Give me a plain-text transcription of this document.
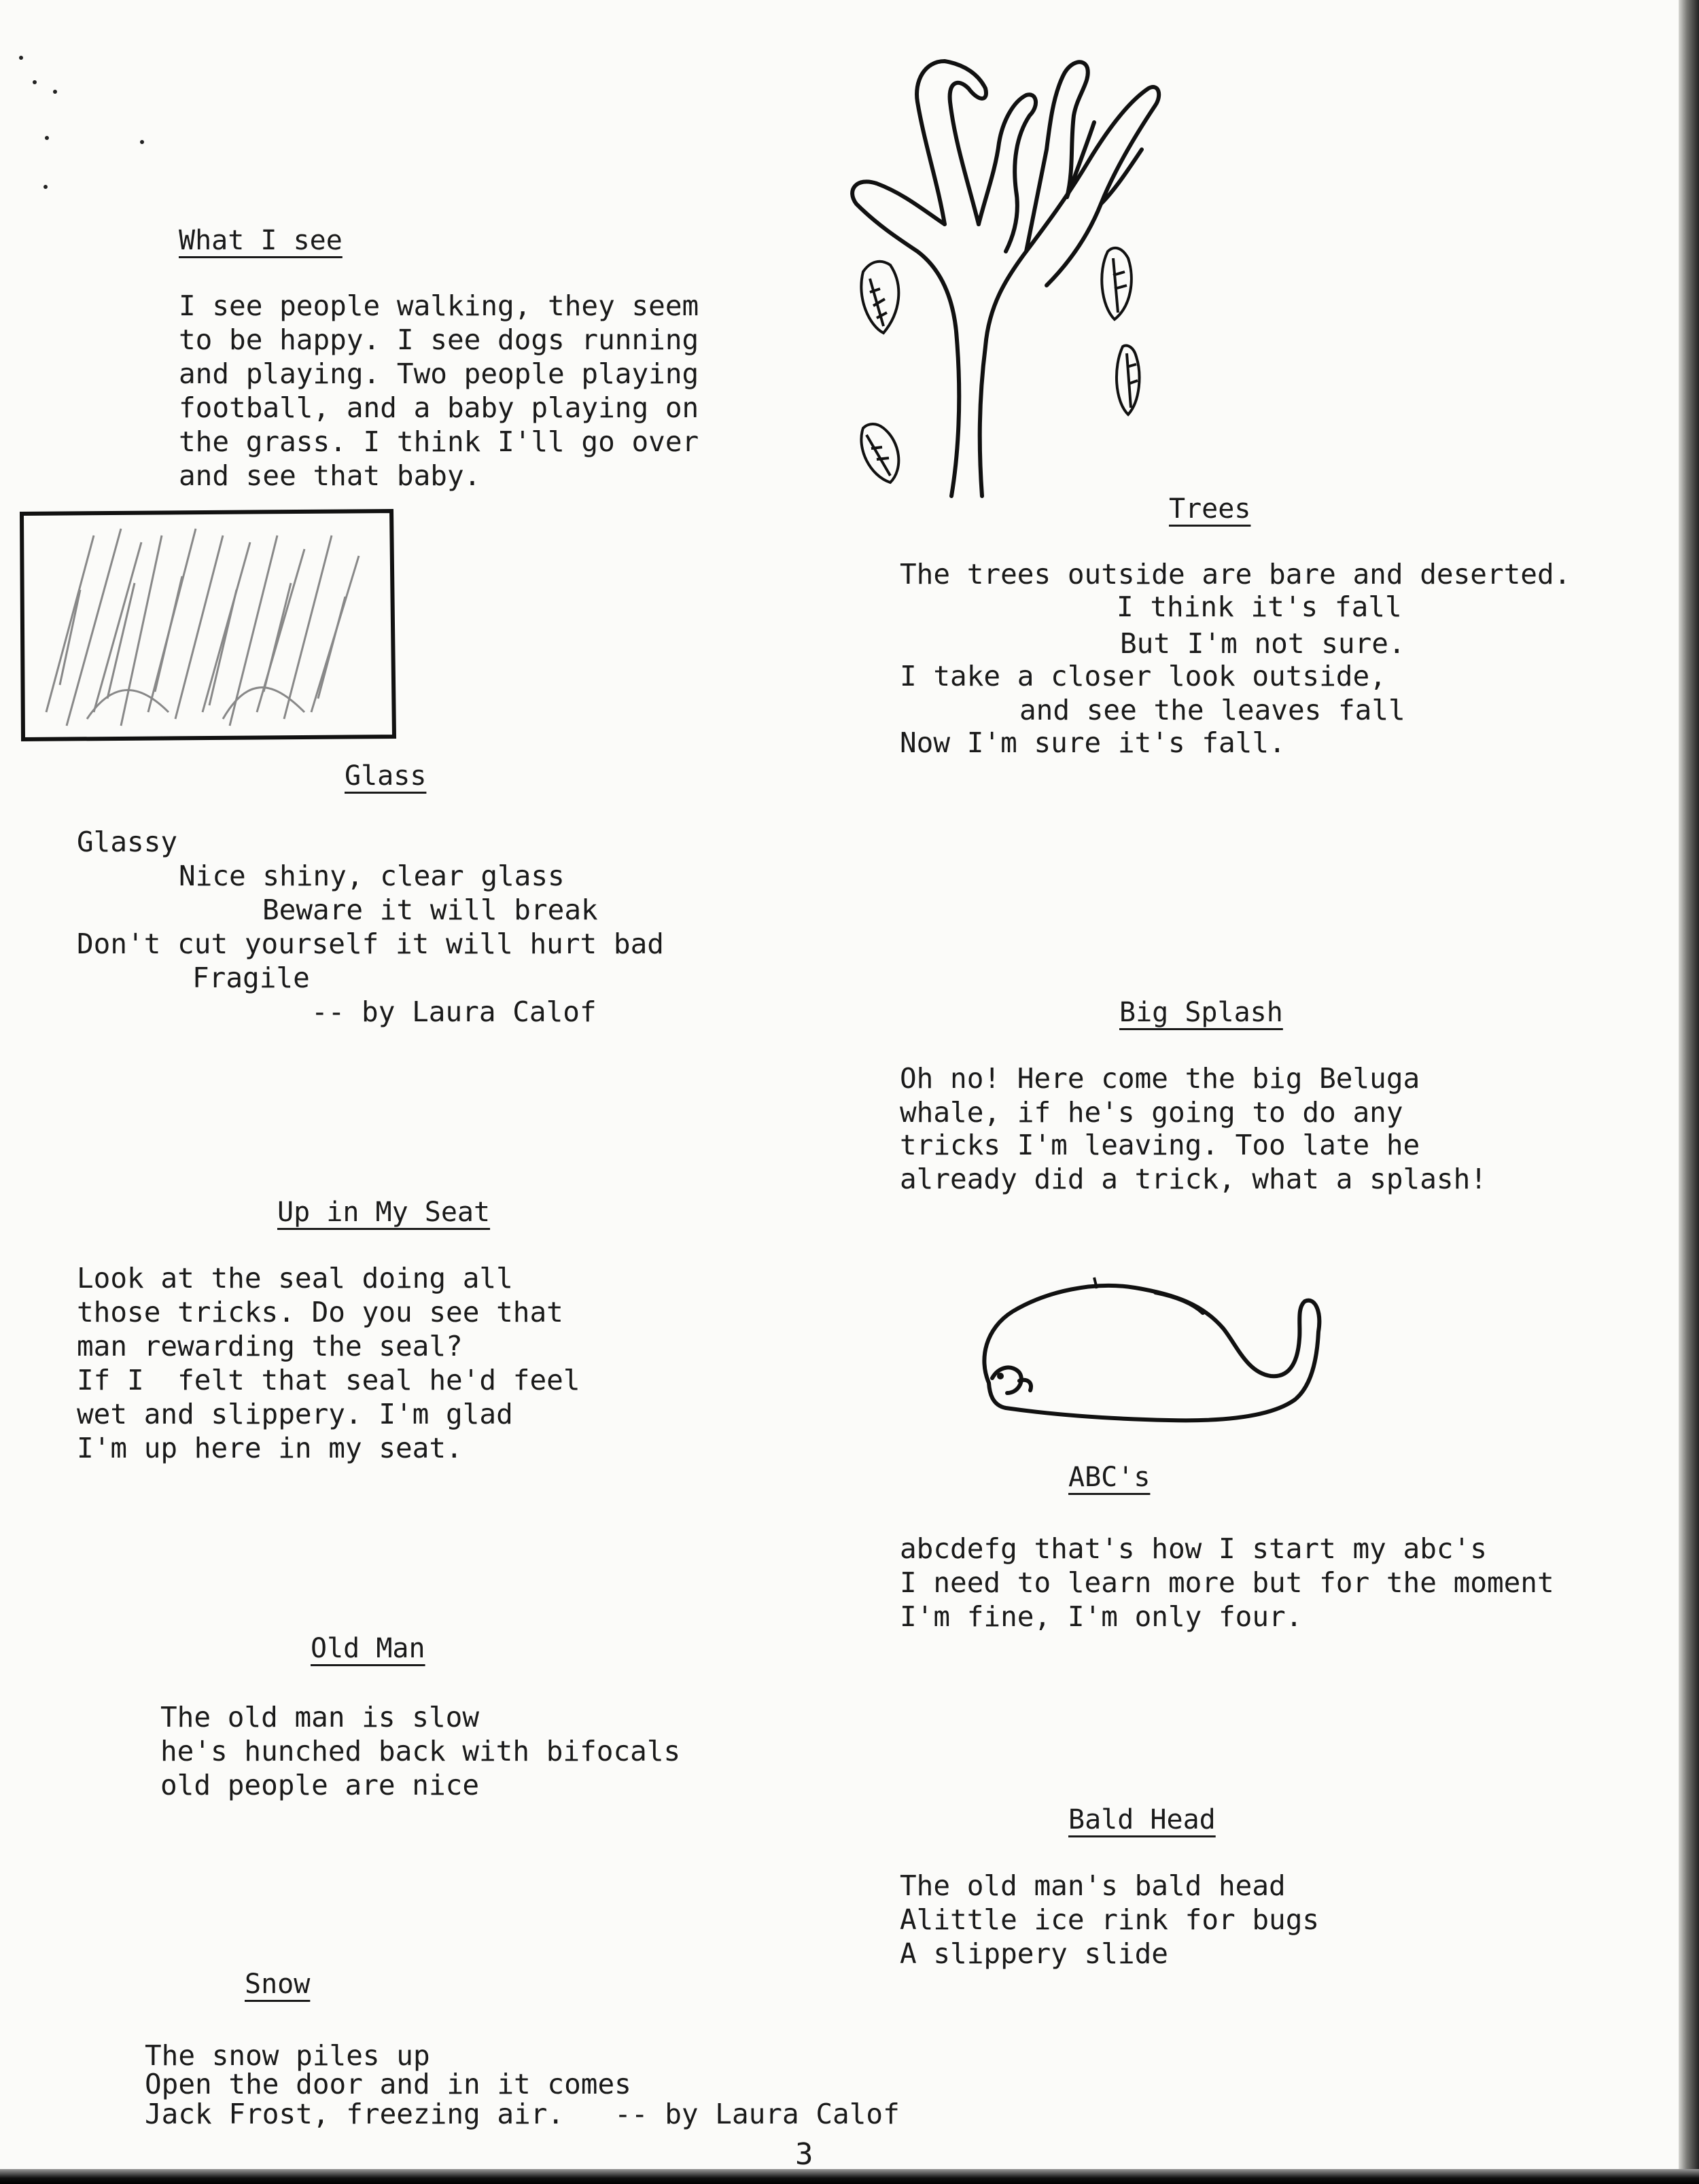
What I see
I see people walking, they seem
to be happy. I see dogs running
and playing. Two people playing
football, and a baby playing on
the grass. I think I'll go over
and see that baby.
Glass
Glassy
Nice shiny, clear glass
Beware it will break
Don't cut yourself it will hurt bad
Fragile
-- by Laura Calof
Up in My Seat
Look at the seal doing all
those tricks. Do you see that
man rewarding the seal?
If I  felt that seal he'd feel
wet and slippery. I'm glad
I'm up here in my seat.
Old Man
The old man is slow
he's hunched back with bifocals
old people are nice
Snow
The snow piles up
Open the door and in it comes
Jack Frost, freezing air.   -- by Laura Calof
3
Trees
The trees outside are bare and deserted.
I think it's fall
But I'm not sure.
I take a closer look outside,
and see the leaves fall
Now I'm sure it's fall.
Big Splash
Oh no! Here come the big Beluga
whale, if he's going to do any
tricks I'm leaving. Too late he
already did a trick, what a splash!
ABC's
abcdefg that's how I start my abc's
I need to learn more but for the moment
I'm fine, I'm only four.
Bald Head
The old man's bald head
Alittle ice rink for bugs
A slippery slide
